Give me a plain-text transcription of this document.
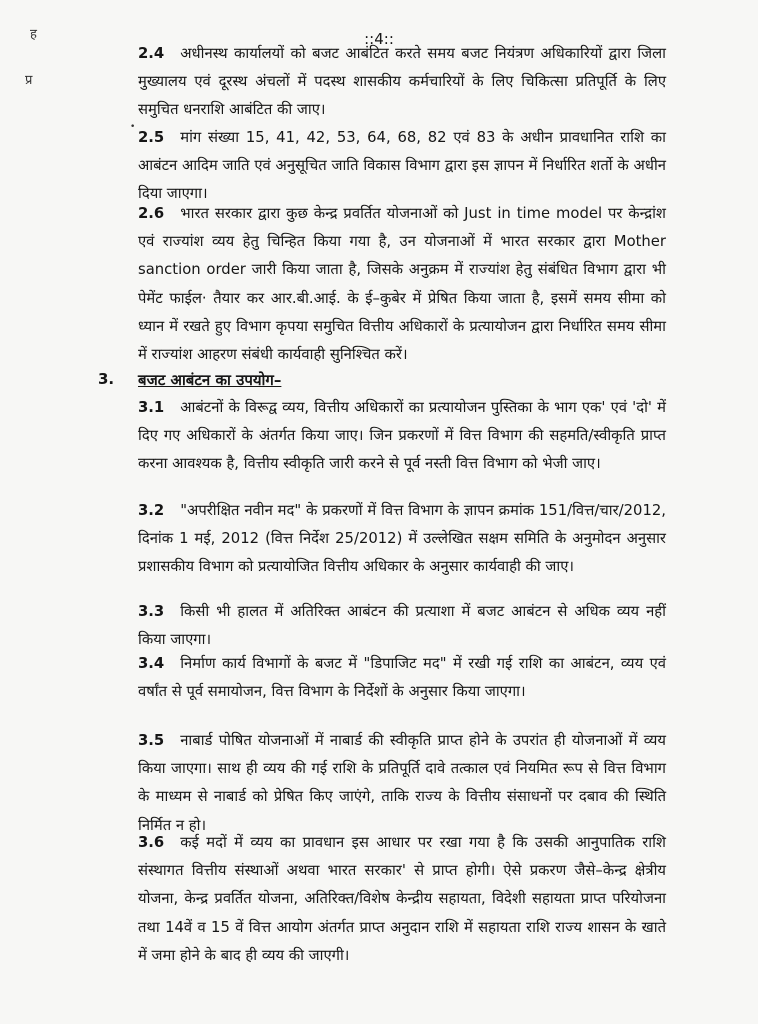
::4::
ह
प्र
•
2.4 अधीनस्थ कार्यालयों को बजट आबंटित करते समय बजट नियंत्रण अधिकारियों द्वारा जिला मुख्यालय एवं दूरस्थ अंचलों में पदस्थ शासकीय कर्मचारियों के लिए चिकित्सा प्रतिपूर्ति के लिए समुचित धनराशि आबंटित की जाए।
2.5 मांग संख्या 15, 41, 42, 53, 64, 68, 82 एवं 83 के अधीन प्रावधानित राशि का आबंटन आदिम जाति एवं अनुसूचित जाति विकास विभाग द्वारा इस ज्ञापन में निर्धारित शर्तो के अधीन दिया जाएगा।
2.6 भारत सरकार द्वारा कुछ केन्द्र प्रवर्तित योजनाओं को Just in time model पर केन्द्रांश एवं राज्यांश व्यय हेतु चिन्हित किया गया है, उन योजनाओं में भारत सरकार द्वारा Mother sanction order जारी किया जाता है, जिसके अनुक्रम में राज्यांश हेतु संबंधित विभाग द्वारा भी पेमेंट फाईल· तैयार कर आर.बी.आई. के ई–कुबेर में प्रेषित किया जाता है, इसमें समय सीमा को ध्यान में रखते हुए विभाग कृपया समुचित वित्तीय अधिकारों के प्रत्यायोजन द्वारा निर्धारित समय सीमा में राज्यांश आहरण संबंधी कार्यवाही सुनिश्चित करें।
3. बजट आबंटन का उपयोग–
3.1 आबंटनों के विरूद्व व्यय, वित्तीय अधिकारों का प्रत्यायोजन पुस्तिका के भाग एक' एवं 'दो' में दिए गए अधिकारों के अंतर्गत किया जाए। जिन प्रकरणों में वित्त विभाग की सहमति/स्वीकृति प्राप्त करना आवश्यक है, वित्तीय स्वीकृति जारी करने से पूर्व नस्ती वित्त विभाग को भेजी जाए।
3.2 "अपरीक्षित नवीन मद" के प्रकरणों में वित्त विभाग के ज्ञापन क्रमांक 151/वित्त/चार/2012, दिनांक 1 मई, 2012 (वित्त निर्देश 25/2012) में उल्लेखित सक्षम समिति के अनुमोदन अनुसार प्रशासकीय विभाग को प्रत्यायोजित वित्तीय अधिकार के अनुसार कार्यवाही की जाए।
3.3 किसी भी हालत में अतिरिक्त आबंटन की प्रत्याशा में बजट आबंटन से अधिक व्यय नहीं किया जाएगा।
3.4 निर्माण कार्य विभागों के बजट में "डिपाजिट मद" में रखी गई राशि का आबंटन, व्यय एवं वर्षांत से पूर्व समायोजन, वित्त विभाग के निर्देशों के अनुसार किया जाएगा।
3.5 नाबार्ड पोषित योजनाओं में नाबार्ड की स्वीकृति प्राप्त होने के उपरांत ही योजनाओं में व्यय किया जाएगा। साथ ही व्यय की गई राशि के प्रतिपूर्ति दावे तत्काल एवं नियमित रूप से वित्त विभाग के माध्यम से नाबार्ड को प्रेषित किए जाएंगे, ताकि राज्य के वित्तीय संसाधनों पर दबाव की स्थिति निर्मित न हो।
3.6 कई मदों में व्यय का प्रावधान इस आधार पर रखा गया है कि उसकी आनुपातिक राशि संस्थागत वित्तीय संस्थाओं अथवा भारत सरकार' से प्राप्त होगी। ऐसे प्रकरण जैसे–केन्द्र क्षेत्रीय योजना, केन्द्र प्रवर्तित योजना, अतिरिक्त/विशेष केन्द्रीय सहायता, विदेशी सहायता प्राप्त परियोजना तथा 14वें व 15 वें वित्त आयोग अंतर्गत प्राप्त अनुदान राशि में सहायता राशि राज्य शासन के खाते में जमा होने के बाद ही व्यय की जाएगी।
